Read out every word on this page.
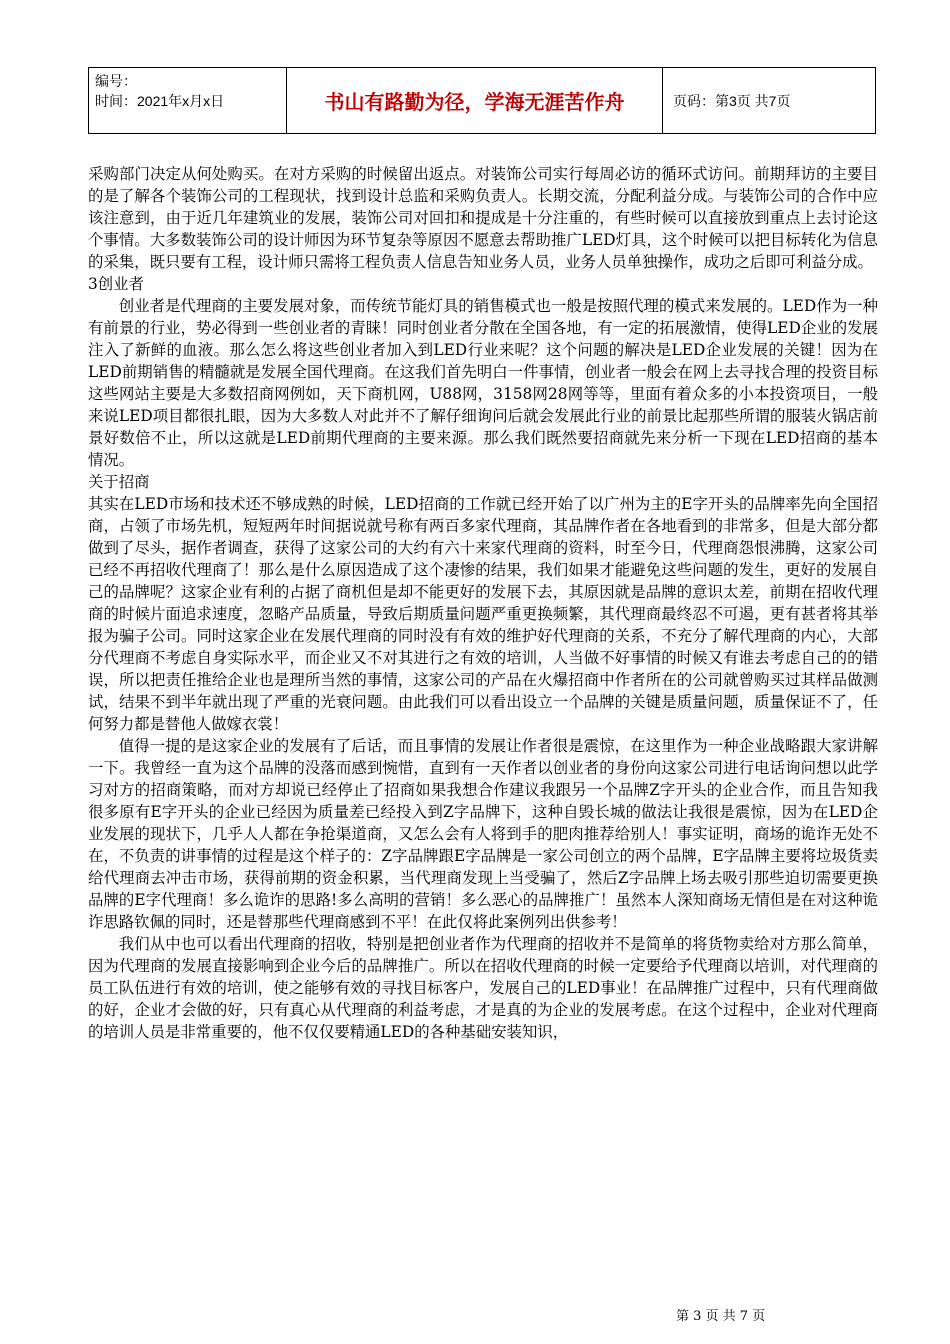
编号：
时间：2021年x月x日	书山有路勤为径，学海无涯苦作舟	页码：第3页 共7页

采购部门决定从何处购买。在对方采购的时候留出返点。对装饰公司实行每周必访的循环式访问。前期拜访的主要目的是了解各个装饰公司的工程现状，找到设计总监和采购负责人。长期交流，分配利益分成。与装饰公司的合作中应该注意到，由于近几年建筑业的发展，装饰公司对回扣和提成是十分注重的，有些时候可以直接放到重点上去讨论这个事情。大多数装饰公司的设计师因为环节复杂等原因不愿意去帮助推广LED灯具，这个时候可以把目标转化为信息的采集，既只要有工程，设计师只需将工程负责人信息告知业务人员，业务人员单独操作，成功之后即可利益分成。

3创业者

创业者是代理商的主要发展对象，而传统节能灯具的销售模式也一般是按照代理的模式来发展的。LED作为一种有前景的行业，势必得到一些创业者的青睐！同时创业者分散在全国各地，有一定的拓展激情，使得LED企业的发展注入了新鲜的血液。那么怎么将这些创业者加入到LED行业来呢？这个问题的解决是LED企业发展的关键！因为在LED前期销售的精髓就是发展全国代理商。在这我们首先明白一件事情，创业者一般会在网上去寻找合理的投资目标这些网站主要是大多数招商网例如，天下商机网，U88网，3158网28网等等，里面有着众多的小本投资项目，一般来说LED项目都很扎眼，因为大多数人对此并不了解仔细询问后就会发展此行业的前景比起那些所谓的服装火锅店前景好数倍不止，所以这就是LED前期代理商的主要来源。那么我们既然要招商就先来分析一下现在LED招商的基本情况。

关于招商

其实在LED市场和技术还不够成熟的时候，LED招商的工作就已经开始了以广州为主的E字开头的品牌率先向全国招商，占领了市场先机，短短两年时间据说就号称有两百多家代理商，其品牌作者在各地看到的非常多，但是大部分都做到了尽头，据作者调查，获得了这家公司的大约有六十来家代理商的资料，时至今日，代理商怨恨沸腾，这家公司已经不再招收代理商了！那么是什么原因造成了这个凄惨的结果，我们如果才能避免这些问题的发生，更好的发展自己的品牌呢？这家企业有利的占据了商机但是却不能更好的发展下去，其原因就是品牌的意识太差，前期在招收代理商的时候片面追求速度，忽略产品质量，导致后期质量问题严重更换频繁，其代理商最终忍不可遏，更有甚者将其举报为骗子公司。同时这家企业在发展代理商的同时没有有效的维护好代理商的关系，不充分了解代理商的内心，大部分代理商不考虑自身实际水平，而企业又不对其进行之有效的培训，人当做不好事情的时候又有谁去考虑自己的的错误，所以把责任推给企业也是理所当然的事情，这家公司的产品在火爆招商中作者所在的公司就曾购买过其样品做测试，结果不到半年就出现了严重的光衰问题。由此我们可以看出设立一个品牌的关键是质量问题，质量保证不了，任何努力都是替他人做嫁衣裳！

值得一提的是这家企业的发展有了后话，而且事情的发展让作者很是震惊，在这里作为一种企业战略跟大家讲解一下。我曾经一直为这个品牌的没落而感到惋惜，直到有一天作者以创业者的身份向这家公司进行电话询问想以此学习对方的招商策略，而对方却说已经停止了招商如果我想合作建议我跟另一个品牌Z字开头的企业合作，而且告知我很多原有E字开头的企业已经因为质量差已经投入到Z字品牌下，这种自毁长城的做法让我很是震惊，因为在LED企业发展的现状下，几乎人人都在争抢渠道商，又怎么会有人将到手的肥肉推荐给别人！事实证明，商场的诡诈无处不在，不负责的讲事情的过程是这个样子的：Z字品牌跟E字品牌是一家公司创立的两个品牌，E字品牌主要将垃圾货卖给代理商去冲击市场，获得前期的资金积累，当代理商发现上当受骗了，然后Z字品牌上场去吸引那些迫切需要更换品牌的E字代理商！多么诡诈的思路!多么高明的营销！多么恶心的品牌推广！虽然本人深知商场无情但是在对这种诡诈思路钦佩的同时，还是替那些代理商感到不平！在此仅将此案例列出供参考！

我们从中也可以看出代理商的招收，特别是把创业者作为代理商的招收并不是简单的将货物卖给对方那么简单，因为代理商的发展直接影响到企业今后的品牌推广。所以在招收代理商的时候一定要给予代理商以培训，对代理商的员工队伍进行有效的培训，使之能够有效的寻找目标客户，发展自己的LED事业！在品牌推广过程中，只有代理商做的好，企业才会做的好，只有真心从代理商的利益考虑，才是真的为企业的发展考虑。在这个过程中，企业对代理商的培训人员是非常重要的，他不仅仅要精通LED的各种基础安装知识，

第 3 页 共 7 页
